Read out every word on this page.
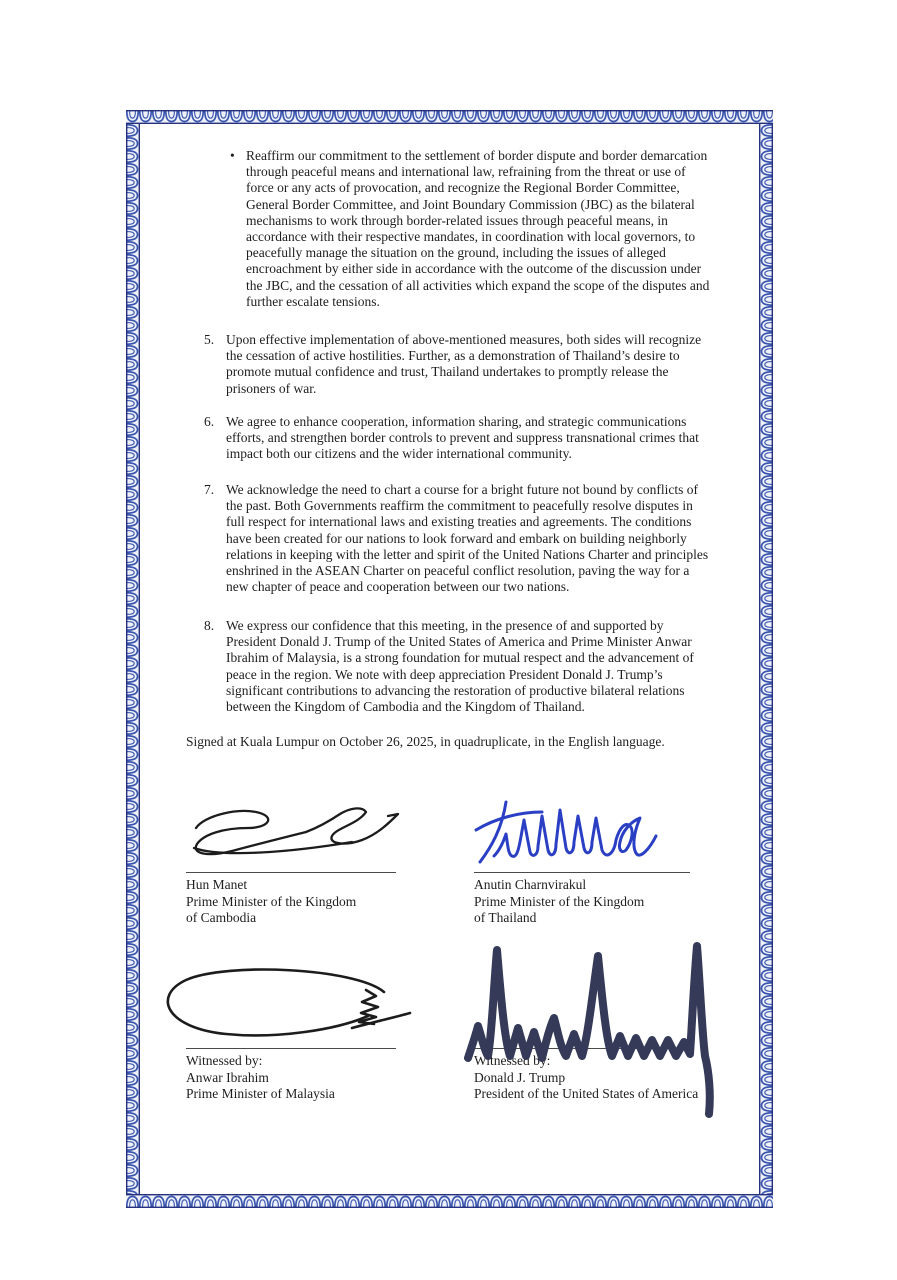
• Reaffirm our commitment to the settlement of border dispute and border demarcation through peaceful means and international law, refraining from the threat or use of force or any acts of provocation, and recognize the Regional Border Committee, General Border Committee, and Joint Boundary Commission (JBC) as the bilateral mechanisms to work through border-related issues through peaceful means, in accordance with their respective mandates, in coordination with local governors, to peacefully manage the situation on the ground, including the issues of alleged encroachment by either side in accordance with the outcome of the discussion under the JBC, and the cessation of all activities which expand the scope of the disputes and further escalate tensions.
5. Upon effective implementation of above-mentioned measures, both sides will recognize the cessation of active hostilities. Further, as a demonstration of Thailand’s desire to promote mutual confidence and trust, Thailand undertakes to promptly release the prisoners of war.
6. We agree to enhance cooperation, information sharing, and strategic communications efforts, and strengthen border controls to prevent and suppress transnational crimes that impact both our citizens and the wider international community.
7. We acknowledge the need to chart a course for a bright future not bound by conflicts of the past. Both Governments reaffirm the commitment to peacefully resolve disputes in full respect for international laws and existing treaties and agreements. The conditions have been created for our nations to look forward and embark on building neighborly relations in keeping with the letter and spirit of the United Nations Charter and principles enshrined in the ASEAN Charter on peaceful conflict resolution, paving the way for a new chapter of peace and cooperation between our two nations.
8. We express our confidence that this meeting, in the presence of and supported by President Donald J. Trump of the United States of America and Prime Minister Anwar Ibrahim of Malaysia, is a strong foundation for mutual respect and the advancement of peace in the region. We note with deep appreciation President Donald J. Trump’s significant contributions to advancing the restoration of productive bilateral relations between the Kingdom of Cambodia and the Kingdom of Thailand.
Signed at Kuala Lumpur on October 26, 2025, in quadruplicate, in the English language.
Hun Manet
Prime Minister of the Kingdom
of Cambodia
Anutin Charnvirakul
Prime Minister of the Kingdom
of Thailand
Witnessed by:
Anwar Ibrahim
Prime Minister of Malaysia
Witnessed by:
Donald J. Trump
President of the United States of America
